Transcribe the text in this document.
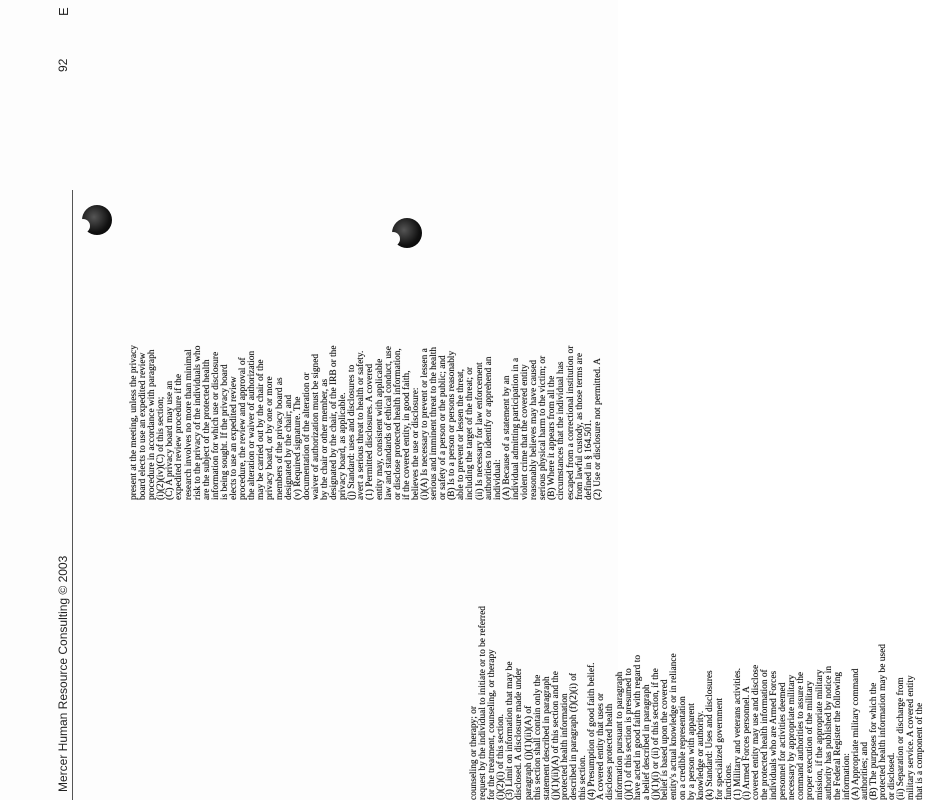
Mercer Human Resource Consulting © 2003
92
E

present at the meeting, unless the privacy board elects to use an expedited review procedure in accordance with paragraph (i)(2)(iv)(C) of this section; (C) A privacy board may use an expedited review procedure if the research involves no more than minimal risk to the privacy of the individuals who are the subject of the protected health information for which use or disclosure is being sought. If the privacy board elects to use an expedited review procedure, the review and approval of the alteration or waiver of authorization may be carried out by the chair of the privacy board, or by one or more members of the privacy board as designated by the chair; and (v) Required signature. The documentation of the alteration or waiver of authorization must be signed by the chair or other member, as designated by the chair, of the IRB or the privacy board, as applicable. (j) Standard: uses and disclosures to avert a serious threat to health or safety. (1) Permitted disclosures. A covered entity may, consistent with applicable law and standards of ethical conduct, use or disclose protected health information, if the covered entity, in good faith, believes the use or disclosure: (i)(A) Is necessary to prevent or lessen a serious and imminent threat to the health or safety of a person or the public; and (B) Is to a person or persons reasonably able to prevent or lessen the threat, including the target of the threat; or (ii) Is necessary for law enforcement authorities to identify or apprehend an individual: (A) Because of a statement by an individual admitting participation in a violent crime that the covered entity reasonably believes may have caused serious physical harm to the victim; or (B) Where it appears from all the circumstances that the individual has escaped from a correctional institution or from lawful custody, as those terms are defined in § 164.501. (2) Use or disclosure not permitted. A

counseling or therapy; or request by the individual to initiate or to be referred for the treatment, counseling, or therapy (i)(2)(i) of this section. (3) Limit on information that may be disclosed. A disclosure made under paragraph (j)(1)(ii)(A) of this section shall contain only the statement described in paragraph (j)(1)(ii)(A) of this section and the protected health information described in paragraph (f)(2)(i) of this section. (4) Presumption of good faith belief. A covered entity that uses or discloses protected health information pursuant to paragraph (j)(1) of this section is presumed to have acted in good faith with regard to a belief described in paragraph (j)(1)(i) or (ii) of this section, if the belief is based upon the covered entity's actual knowledge or in reliance on a credible representation by a person with apparent knowledge or authority. (k) Standard: Uses and disclosures for specialized government functions. (1) Military and veterans activities. (i) Armed Forces personnel. A covered entity may use and disclose the protected health information of individuals who are Armed Forces personnel for activities deemed necessary by appropriate military command authorities to assure the proper execution of the military mission, if the appropriate military authority has published by notice in the Federal Register the following information: (A) Appropriate military command authorities; and (B) The purposes for which the protected health information may be used or disclosed. (ii) Separation or discharge from military service. A covered entity that is a component of the
